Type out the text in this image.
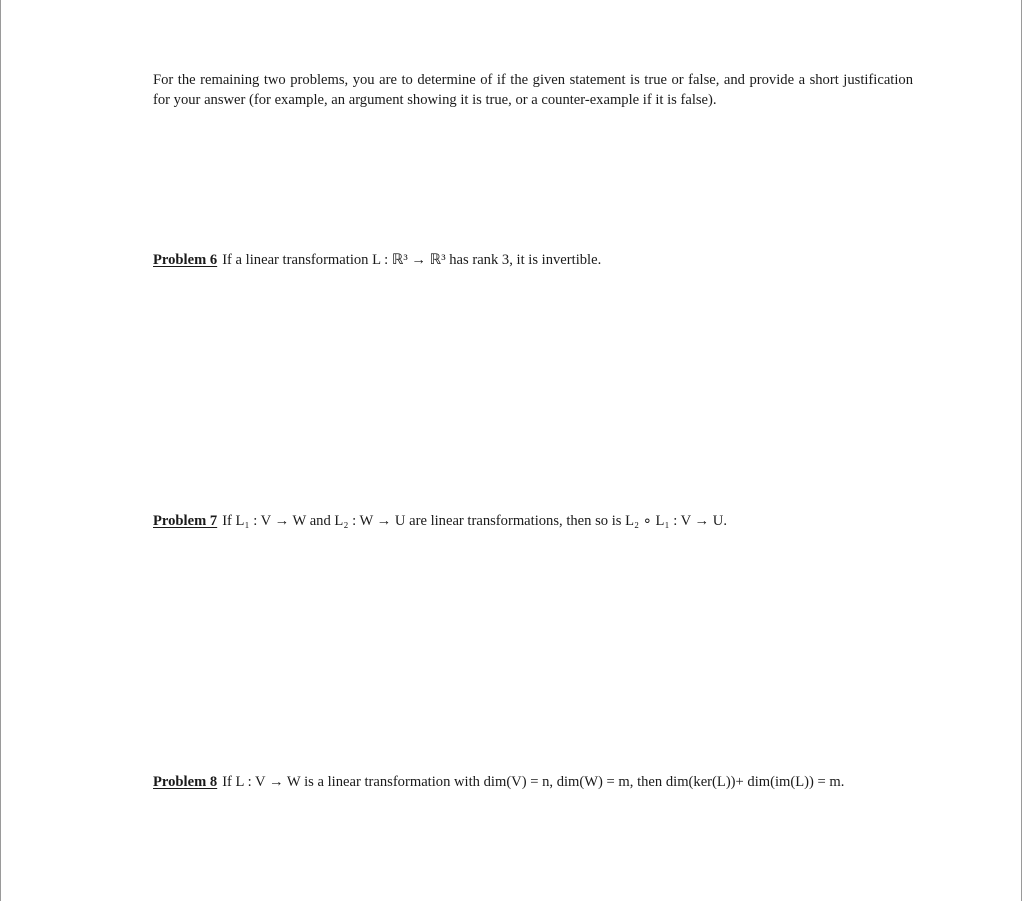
For the remaining two problems, you are to determine of if the given statement is true or false, and provide a short justification for your answer (for example, an argument showing it is true, or a counter-example if it is false).
Problem 6 If a linear transformation L : ℝ³ → ℝ³ has rank 3, it is invertible.
Problem 7 If L₁ : V → W and L₂ : W → U are linear transformations, then so is L₂ ∘ L₁ : V → U.
Problem 8 If L : V → W is a linear transformation with dim(V) = n, dim(W) = m, then dim(ker(L))+ dim(im(L)) = m.
